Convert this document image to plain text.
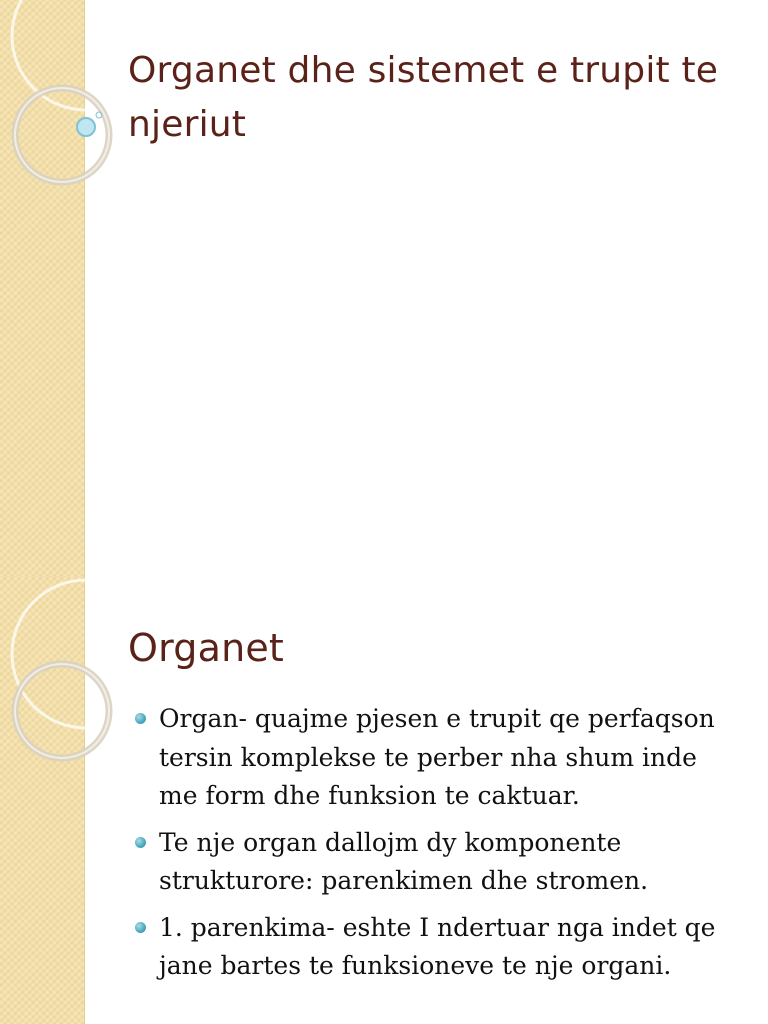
Organet dhe sistemet e trupit te njeriut
Organet
Organ- quajme pjesen e trupit qe perfaqson tersin komplekse te perber nha shum inde me form dhe funksion te caktuar.
Te nje organ dallojm dy komponente strukturore: parenkimen dhe stromen.
1. parenkima- eshte I ndertuar nga indet qe jane bartes te funksioneve te nje organi.
